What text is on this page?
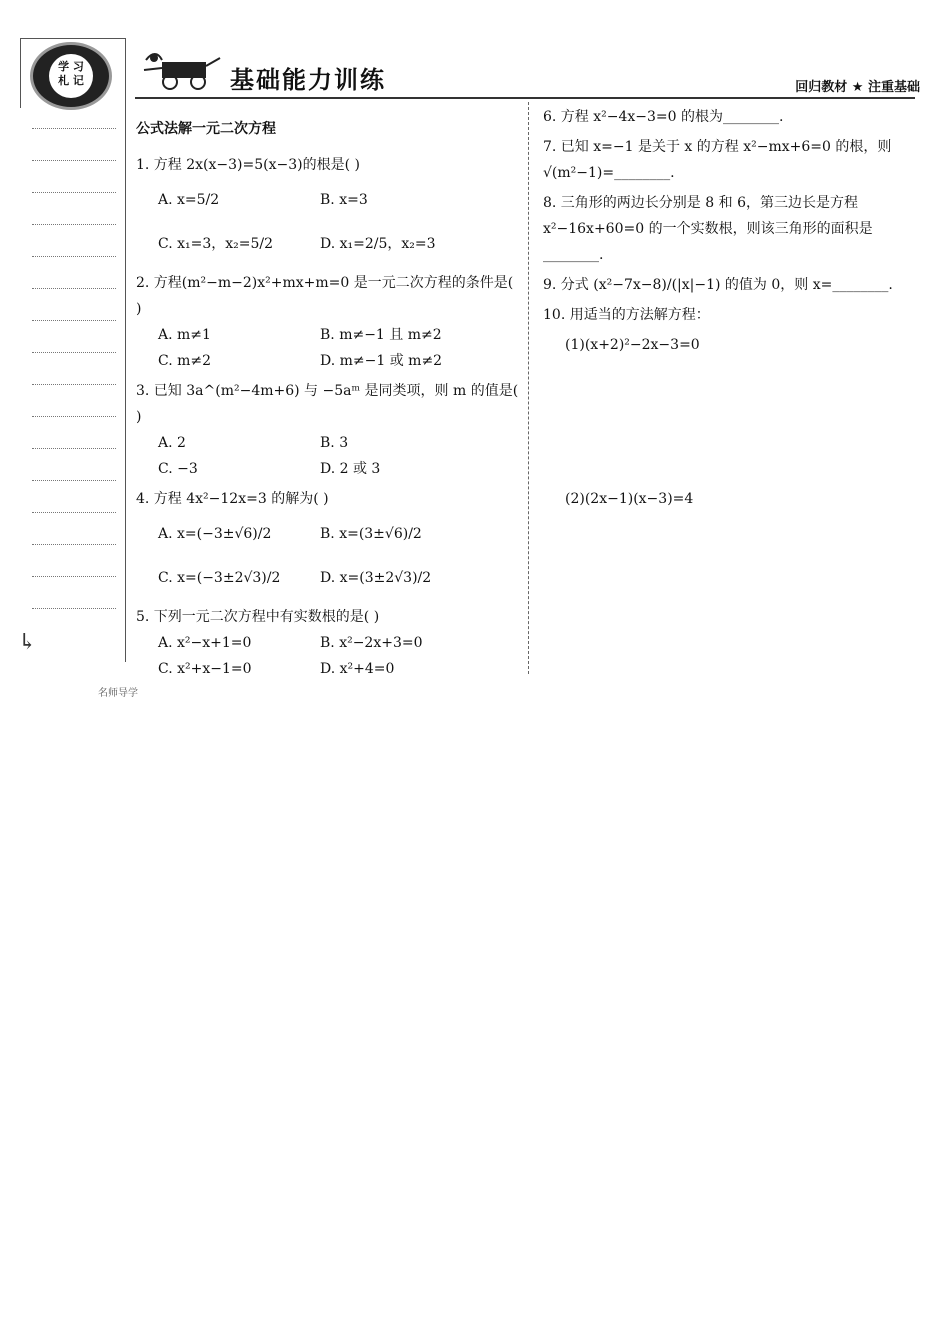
学 习
札 记
↳
基础能力训练	回归教材 ★ 注重基础
公式法解一元二次方程
1. 方程 2x(x−3)=5(x−3)的根是( )
A. x=5/2	B. x=3
C. x₁=3，x₂=5/2	D. x₁=2/5，x₂=3
2. 方程(m²−m−2)x²+mx+m=0 是一元二次方程的条件是( )
A. m≠1	B. m≠−1 且 m≠2
C. m≠2	D. m≠−1 或 m≠2
3. 已知 3a^(m²−4m+6) 与 −5aᵐ 是同类项，则 m 的值是( )
A. 2	B. 3
C. −3	D. 2 或 3
4. 方程 4x²−12x=3 的解为( )
A. x=(−3±√6)/2	B. x=(3±√6)/2
C. x=(−3±2√3)/2	D. x=(3±2√3)/2
5. 下列一元二次方程中有实数根的是( )
A. x²−x+1=0	B. x²−2x+3=0
C. x²+x−1=0	D. x²+4=0
6. 方程 x²−4x−3=0 的根为________.
7. 已知 x=−1 是关于 x 的方程 x²−mx+6=0 的根，则 √(m²−1)=________.
8. 三角形的两边长分别是 8 和 6，第三边长是方程 x²−16x+60=0 的一个实数根，则该三角形的面积是________.
9. 分式 (x²−7x−8)/(|x|−1) 的值为 0，则 x=________.
10. 用适当的方法解方程：
(1)(x+2)²−2x−3=0
(2)(2x−1)(x−3)=4
名师导学
